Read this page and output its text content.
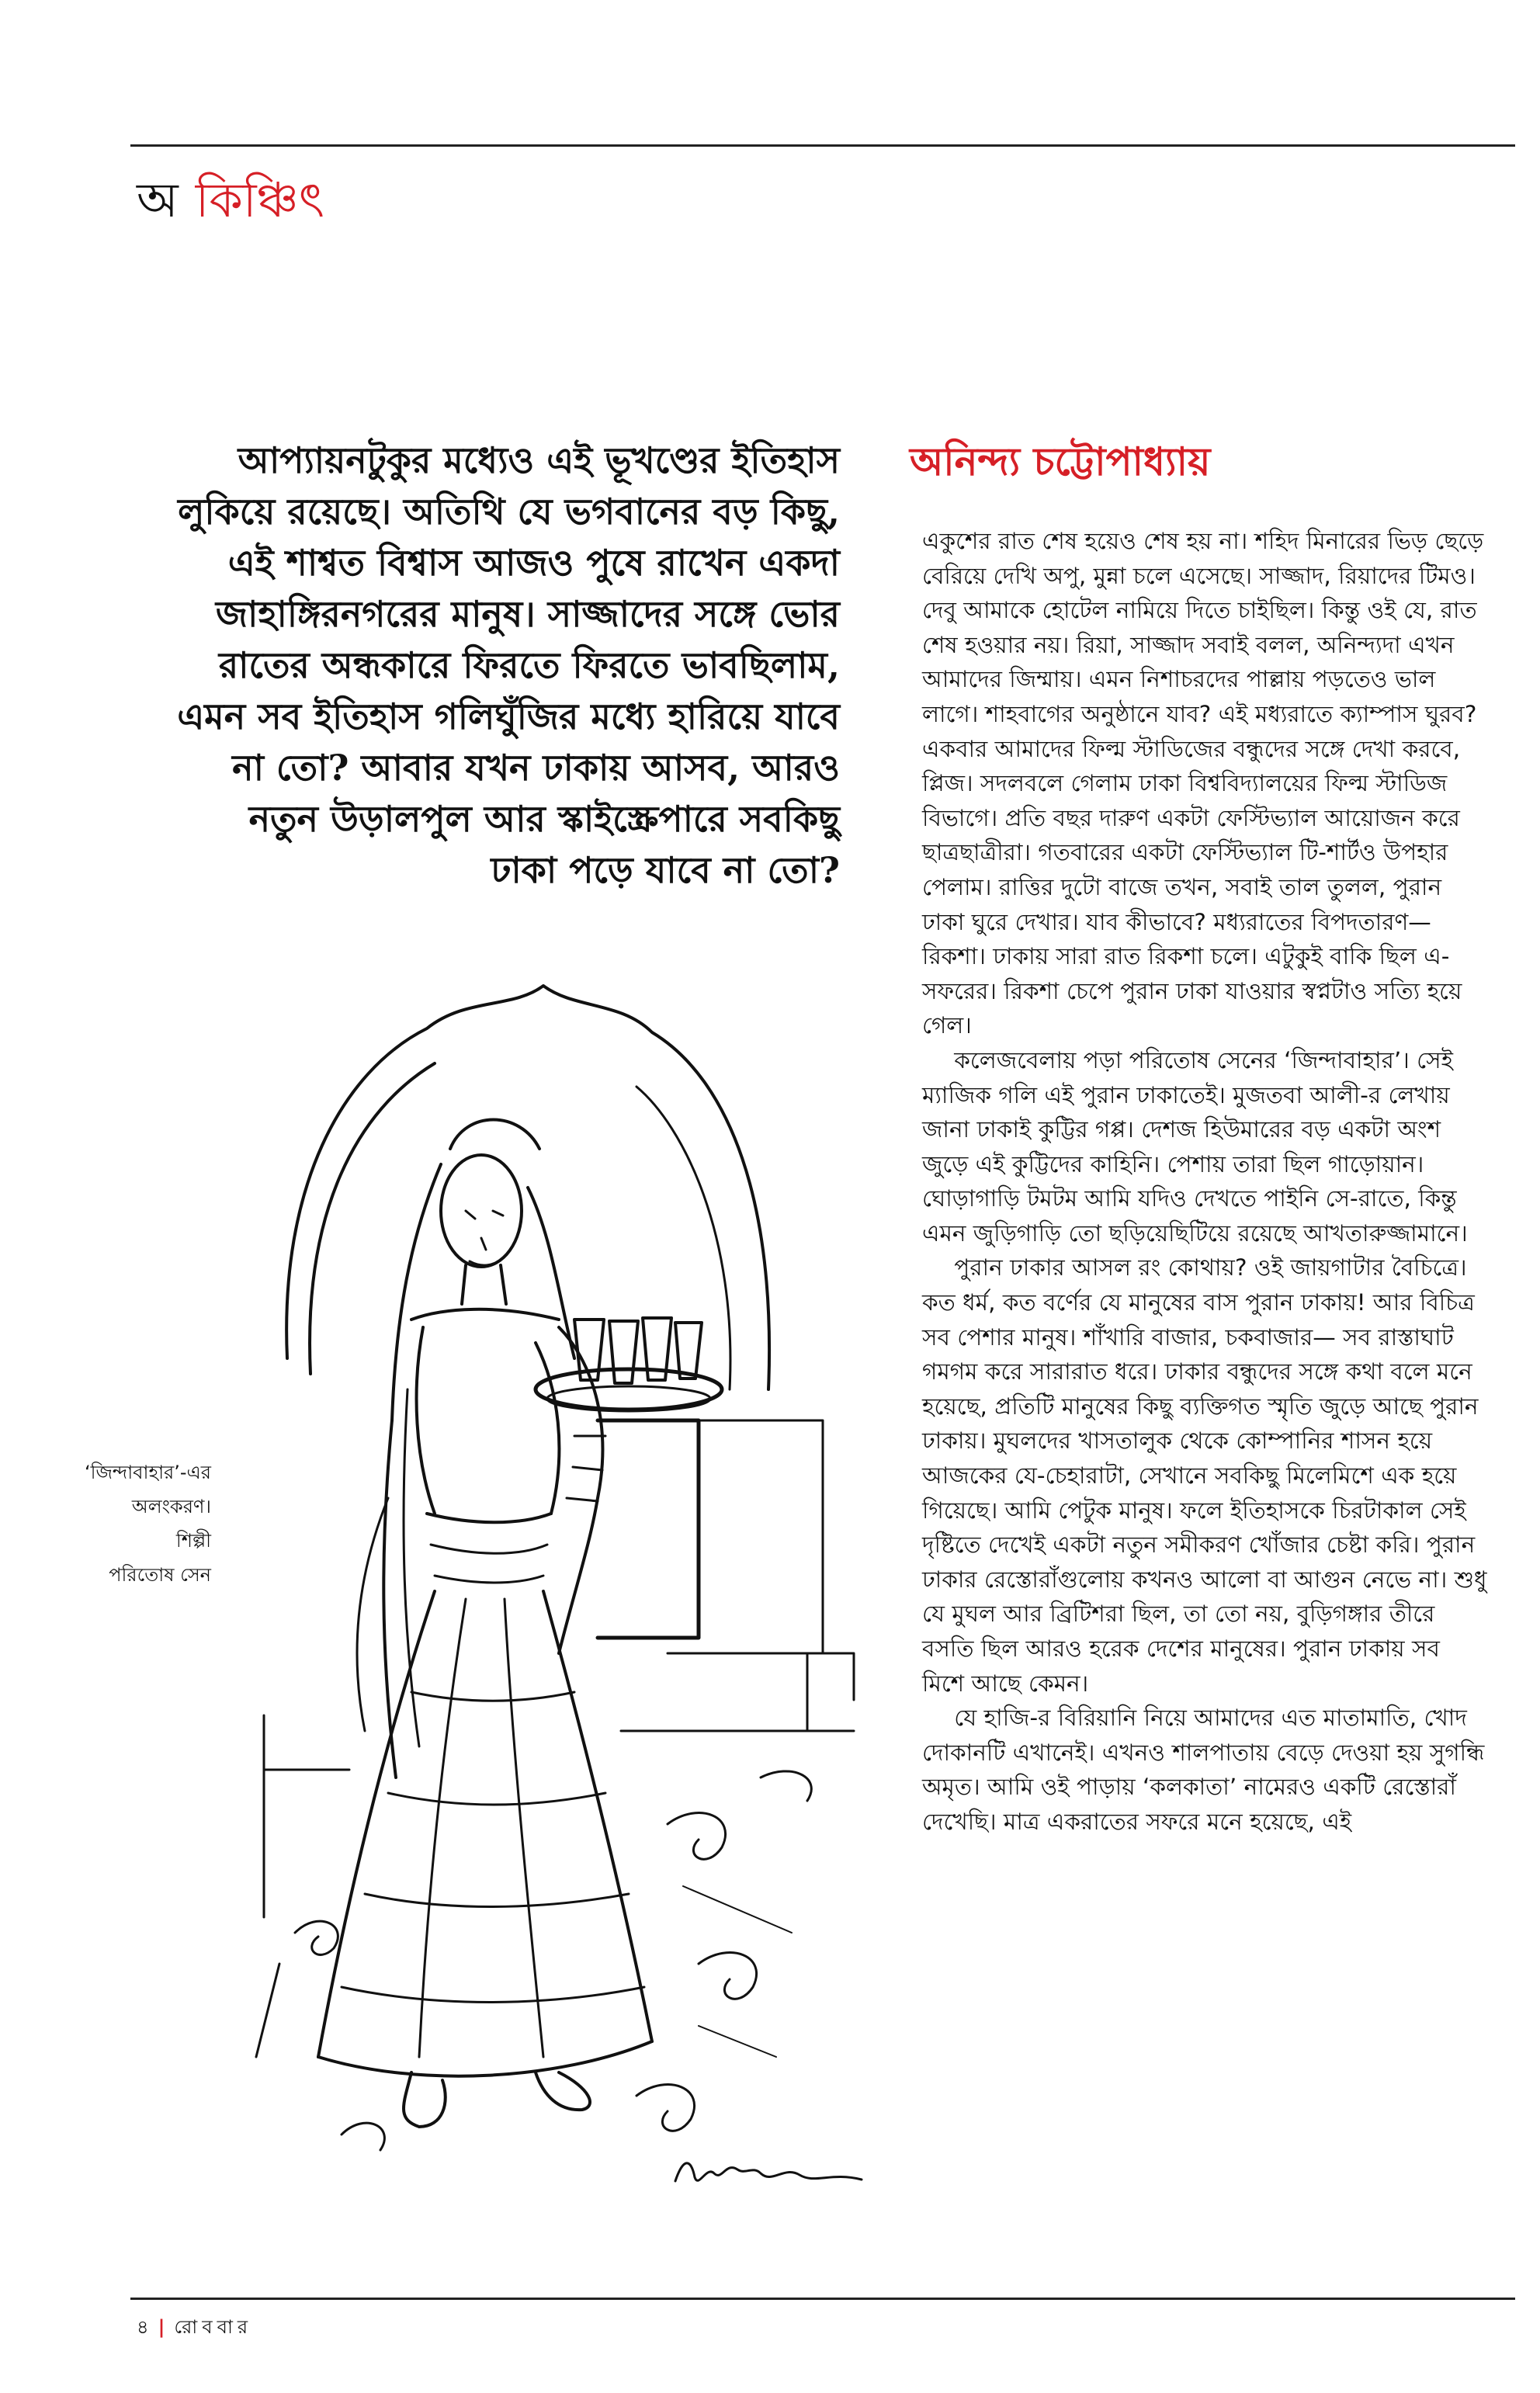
অ কিঞ্চিৎ

আপ্যায়নটুকুর মধ্যেও এই ভূখণ্ডের ইতিহাস

লুকিয়ে রয়েছে। অতিথি যে ভগবানের বড় কিছু,

এই শাশ্বত বিশ্বাস আজও পুষে রাখেন একদা

জাহাঙ্গিরনগরের মানুষ। সাজ্জাদের সঙ্গে ভোর

রাতের অন্ধকারে ফিরতে ফিরতে ভাবছিলাম,

এমন সব ইতিহাস গলিঘুঁজির মধ্যে হারিয়ে যাবে

না তো? আবার যখন ঢাকায় আসব, আরও

নতুন উড়ালপুল আর স্কাইস্ক্রেপারে সবকিছু

ঢাকা পড়ে যাবে না তো?

অনিন্দ্য চট্টোপাধ্যায়

একুশের রাত শেষ হয়েও শেষ হয় না। শহিদ মিনারের ভিড় ছেড়ে বেরিয়ে দেখি অপু, মুন্না চলে এসেছে। সাজ্জাদ, রিয়াদের টিমও। দেবু আমাকে হোটেল নামিয়ে দিতে চাইছিল। কিন্তু ওই যে, রাত শেষ হওয়ার নয়। রিয়া, সাজ্জাদ সবাই বলল, অনিন্দ্যদা এখন আমাদের জিম্মায়। এমন নিশাচরদের পাল্লায় পড়তেও ভাল লাগে। শাহবাগের অনুষ্ঠানে যাব? এই মধ্যরাতে ক্যাম্পাস ঘুরব? একবার আমাদের ফিল্ম স্টাডিজের বন্ধুদের সঙ্গে দেখা করবে, প্লিজ। সদলবলে গেলাম ঢাকা বিশ্ববিদ্যালয়ের ফিল্ম স্টাডিজ বিভাগে। প্রতি বছর দারুণ একটা ফেস্টিভ্যাল আয়োজন করে ছাত্রছাত্রীরা। গতবারের একটা ফেস্টিভ্যাল টি-শার্টও উপহার পেলাম। রাত্তির দুটো বাজে তখন, সবাই তাল তুলল, পুরান ঢাকা ঘুরে দেখার। যাব কীভাবে? মধ্যরাতের বিপদতারণ— রিকশা। ঢাকায় সারা রাত রিকশা চলে। এটুকুই বাকি ছিল এ-সফরের। রিকশা চেপে পুরান ঢাকা যাওয়ার স্বপ্নটাও সত্যি হয়ে গেল।

কলেজবেলায় পড়া পরিতোষ সেনের ‘জিন্দাবাহার’। সেই ম্যাজিক গলি এই পুরান ঢাকাতেই। মুজতবা আলী-র লেখায় জানা ঢাকাই কুট্টির গপ্প। দেশজ হিউমারের বড় একটা অংশ জুড়ে এই কুট্টিদের কাহিনি। পেশায় তারা ছিল গাড়োয়ান। ঘোড়াগাড়ি টমটম আমি যদিও দেখতে পাইনি সে-রাতে, কিন্তু এমন জুড়িগাড়ি তো ছড়িয়েছিটিয়ে রয়েছে আখতারুজ্জামানে।

পুরান ঢাকার আসল রং কোথায়? ওই জায়গাটার বৈচিত্রে। কত ধর্ম, কত বর্ণের যে মানুষের বাস পুরান ঢাকায়! আর বিচিত্র সব পেশার মানুষ। শাঁখারি বাজার, চকবাজার— সব রাস্তাঘাট গমগম করে সারারাত ধরে। ঢাকার বন্ধুদের সঙ্গে কথা বলে মনে হয়েছে, প্রতিটি মানুষের কিছু ব্যক্তিগত স্মৃতি জুড়ে আছে পুরান ঢাকায়। মুঘলদের খাসতালুক থেকে কোম্পানির শাসন হয়ে আজকের যে-চেহারাটা, সেখানে সবকিছু মিলেমিশে এক হয়ে গিয়েছে। আমি পেটুক মানুষ। ফলে ইতিহাসকে চিরটাকাল সেই দৃষ্টিতে দেখেই একটা নতুন সমীকরণ খোঁজার চেষ্টা করি। পুরান ঢাকার রেস্তোরাঁগুলোয় কখনও আলো বা আগুন নেভে না। শুধু যে মুঘল আর ব্রিটিশরা ছিল, তা তো নয়, বুড়িগঙ্গার তীরে বসতি ছিল আরও হরেক দেশের মানুষের। পুরান ঢাকায় সব মিশে আছে কেমন।

যে হাজি-র বিরিয়ানি নিয়ে আমাদের এত মাতামাতি, খোদ দোকানটি এখানেই। এখনও শালপাতায় বেড়ে দেওয়া হয় সুগন্ধি অমৃত। আমি ওই পাড়ায় ‘কলকাতা’ নামেরও একটি রেস্তোরাঁ দেখেছি। মাত্র একরাতের সফরে মনে হয়েছে, এই

‘জিন্দাবাহার’-এর

অলংকরণ।

শিল্পী

পরিতোষ সেন

৪ | রোববার
